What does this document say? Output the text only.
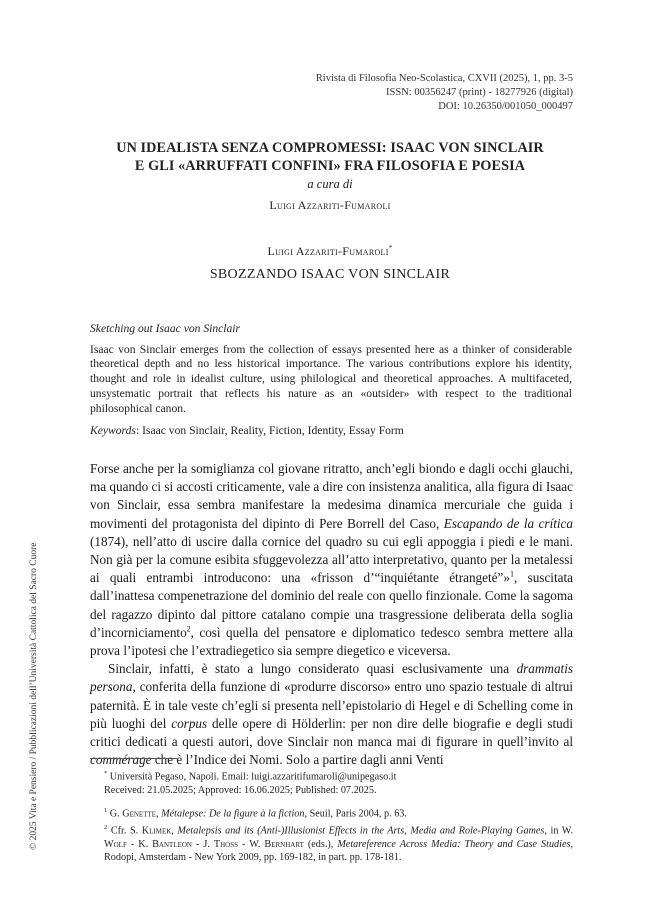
Rivista di Filosofia Neo-Scolastica, CXVII (2025), 1, pp. 3-5
ISSN: 00356247 (print) - 18277926 (digital)
DOI: 10.26350/001050_000497
UN IDEALISTA SENZA COMPROMESSI: ISAAC VON SINCLAIR
E GLI «ARRUFFATI CONFINI» FRA FILOSOFIA E POESIA
a cura di
Luigi Azzariti-Fumaroli
Luigi Azzariti-Fumaroli*
SBOZZANDO ISAAC VON SINCLAIR
Sketching out Isaac von Sinclair

Isaac von Sinclair emerges from the collection of essays presented here as a thinker of considerable theoretical depth and no less historical importance. The various contributions explore his identity, thought and role in idealist culture, using philological and theoretical approaches. A multifaceted, unsystematic portrait that reflects his nature as an «outsider» with respect to the traditional philosophical canon.

Keywords: Isaac von Sinclair, Reality, Fiction, Identity, Essay Form

Forse anche per la somiglianza col giovane ritratto, anch’egli biondo e dagli occhi glauchi, ma quando ci si accosti criticamente, vale a dire con insistenza analitica, alla figura di Isaac von Sinclair, essa sembra manifestare la medesima dinamica mercuriale che guida i movimenti del protagonista del dipinto di Pere Borrell del Caso, Escapando de la crítica (1874), nell’atto di uscire dalla cornice del quadro su cui egli appoggia i piedi e le mani. Non già per la comune esibita sfuggevolezza all’atto interpretativo, quanto per la metalessi ai quali entrambi introducono: una «frisson d’“inquiétante étrangeté”»$^1$, suscitata dall’inattesa compenetrazione del dominio del reale con quello finzionale. Come la sagoma del ragazzo dipinto dal pittore catalano compie una trasgressione deliberata della soglia d’incorniciamento$^2$, così quella del pensatore e diplomatico tedesco sembra mettere alla prova l’ipotesi che l’extradiegetico sia sempre diegetico e viceversa.

Sinclair, infatti, è stato a lungo considerato quasi esclusivamente una drammatis persona, conferita della funzione di «produrre discorso» entro uno spazio testuale di altrui paternità. È in tale veste ch’egli si presenta nell’epistolario di Hegel e di Schelling come in più luoghi del corpus delle opere di Hölderlin: per non dire delle biografie e degli studi critici dedicati a questi autori, dove Sinclair non manca mai di figurare in quell’invito al commérage che è l’Indice dei Nomi. Solo a partire dagli anni Venti

* Università Pegaso, Napoli. Email: luigi.azzaritifumaroli@unipegaso.it

Received: 21.05.2025; Approved: 16.06.2025; Published: 07.2025.

$^1$ G. Genette, Métalepse: De la figure à la fiction, Seuil, Paris 2004, p. 63.

$^2$ Cfr. S. Klimek, Metalepsis and its (Anti-)Illusionist Effects in the Arts, Media and Role-Playing Games, in W. Wolf - K. Bantleon - J. Thoss - W. Bernhart (eds.), Metareference Across Media: Theory and Case Studies, Rodopi, Amsterdam - New York 2009, pp. 169-182, in part. pp. 178-181.

© 2025 Vita e Pensiero / Pubblicazioni dell’Università Cattolica del Sacro Cuore
